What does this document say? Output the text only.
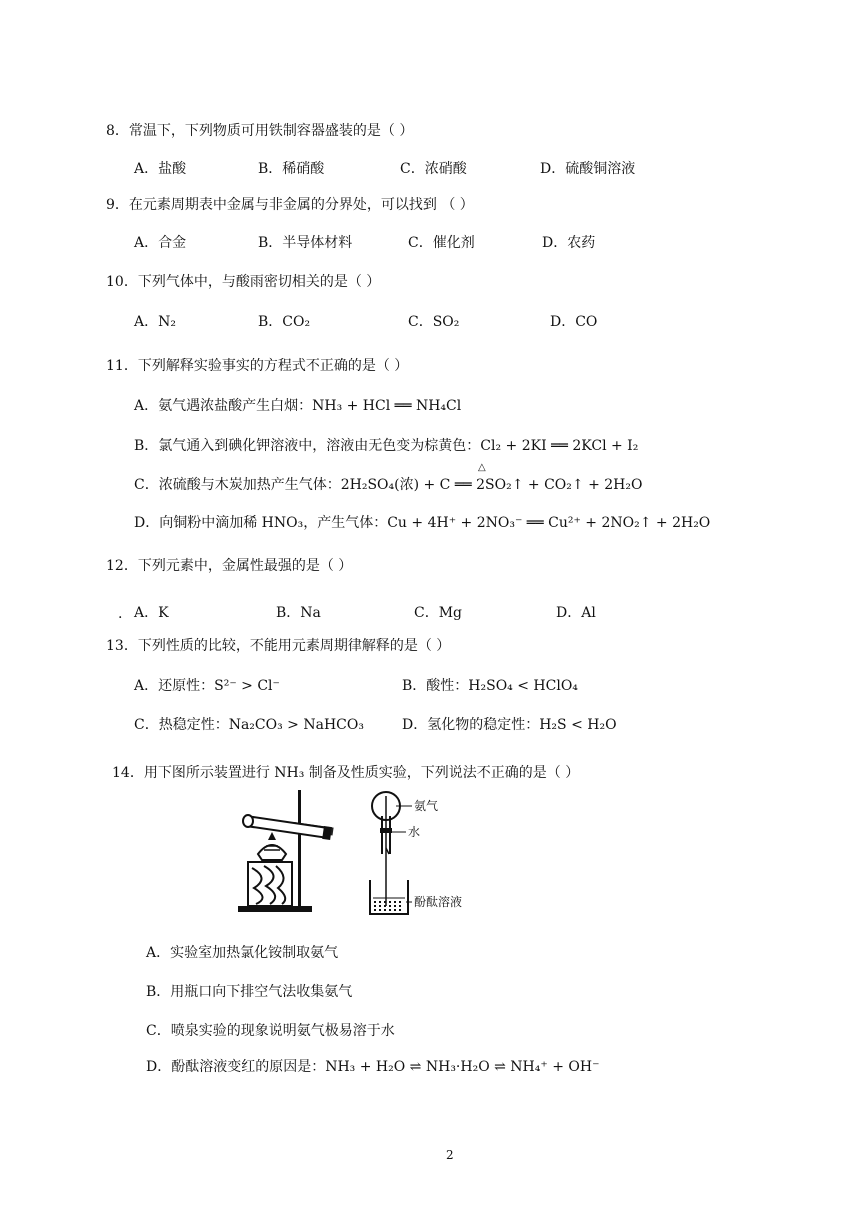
8．常温下，下列物质可用铁制容器盛装的是（ ）
A．盐酸	B．稀硝酸	C．浓硝酸	D．硫酸铜溶液
9．在元素周期表中金属与非金属的分界处，可以找到 （ ）
A．合金	B．半导体材料	C．催化剂	D．农药
10．下列气体中，与酸雨密切相关的是（ ）
A．N₂	B．CO₂	C．SO₂	D．CO
11．下列解释实验事实的方程式不正确的是（ ）
A．氨气遇浓盐酸产生白烟：NH₃ + HCl ══ NH₄Cl
B．氯气通入到碘化钾溶液中，溶液由无色变为棕黄色：Cl₂ + 2KI ══ 2KCl + I₂
C．浓硫酸与木炭加热产生气体：2H₂SO₄(浓) + C ══ 2SO₂↑ + CO₂↑ + 2H₂O
△
D．向铜粉中滴加稀 HNO₃，产生气体：Cu + 4H⁺ + 2NO₃⁻ ══ Cu²⁺ + 2NO₂↑ + 2H₂O
12．下列元素中，金属性最强的是（ ）
. A．K	B．Na	C．Mg	D．Al
13．下列性质的比较，不能用元素周期律解释的是（ ）
A．还原性：S²⁻ > Cl⁻	B．酸性：H₂SO₄ < HClO₄
C．热稳定性：Na₂CO₃ > NaHCO₃	D．氢化物的稳定性：H₂S < H₂O
14．用下图所示装置进行 NH₃ 制备及性质实验，下列说法不正确的是（ ）
氨气
水
酚酞溶液
A．实验室加热氯化铵制取氨气
B．用瓶口向下排空气法收集氨气
C．喷泉实验的现象说明氨气极易溶于水
D．酚酞溶液变红的原因是：NH₃ + H₂O ⇌ NH₃·H₂O ⇌ NH₄⁺ + OH⁻
2
